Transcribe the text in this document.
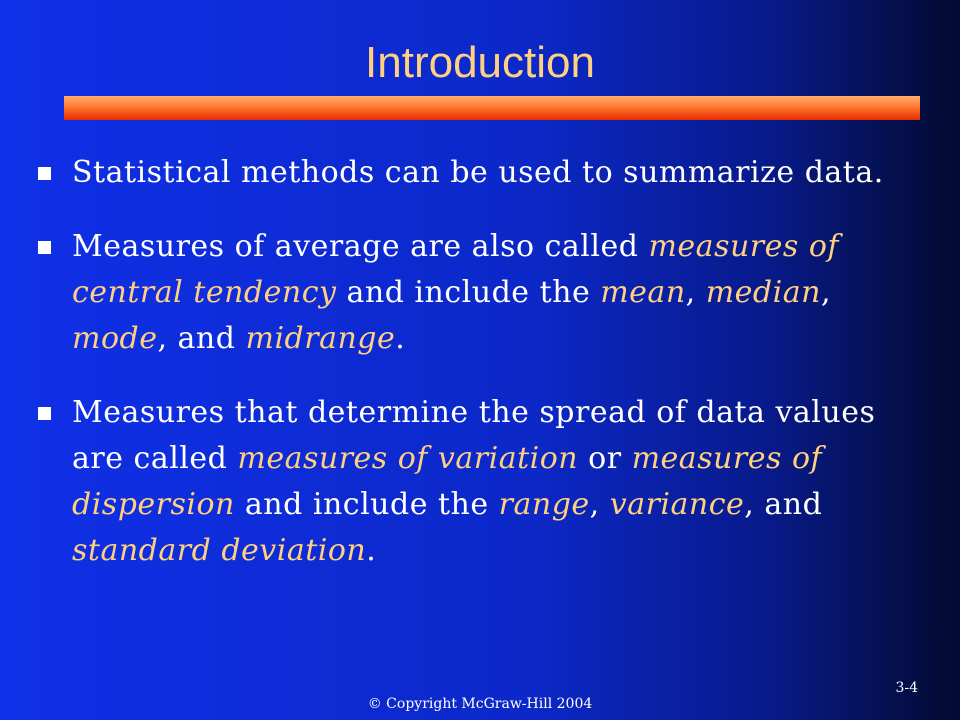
Introduction
Statistical methods can be used to summarize data.
Measures of average are also called measures of central tendency and include the mean, median, mode, and midrange.
Measures that determine the spread of data values are called measures of variation or measures of dispersion and include the range, variance, and standard deviation.
© Copyright McGraw-Hill 2004
3-4
